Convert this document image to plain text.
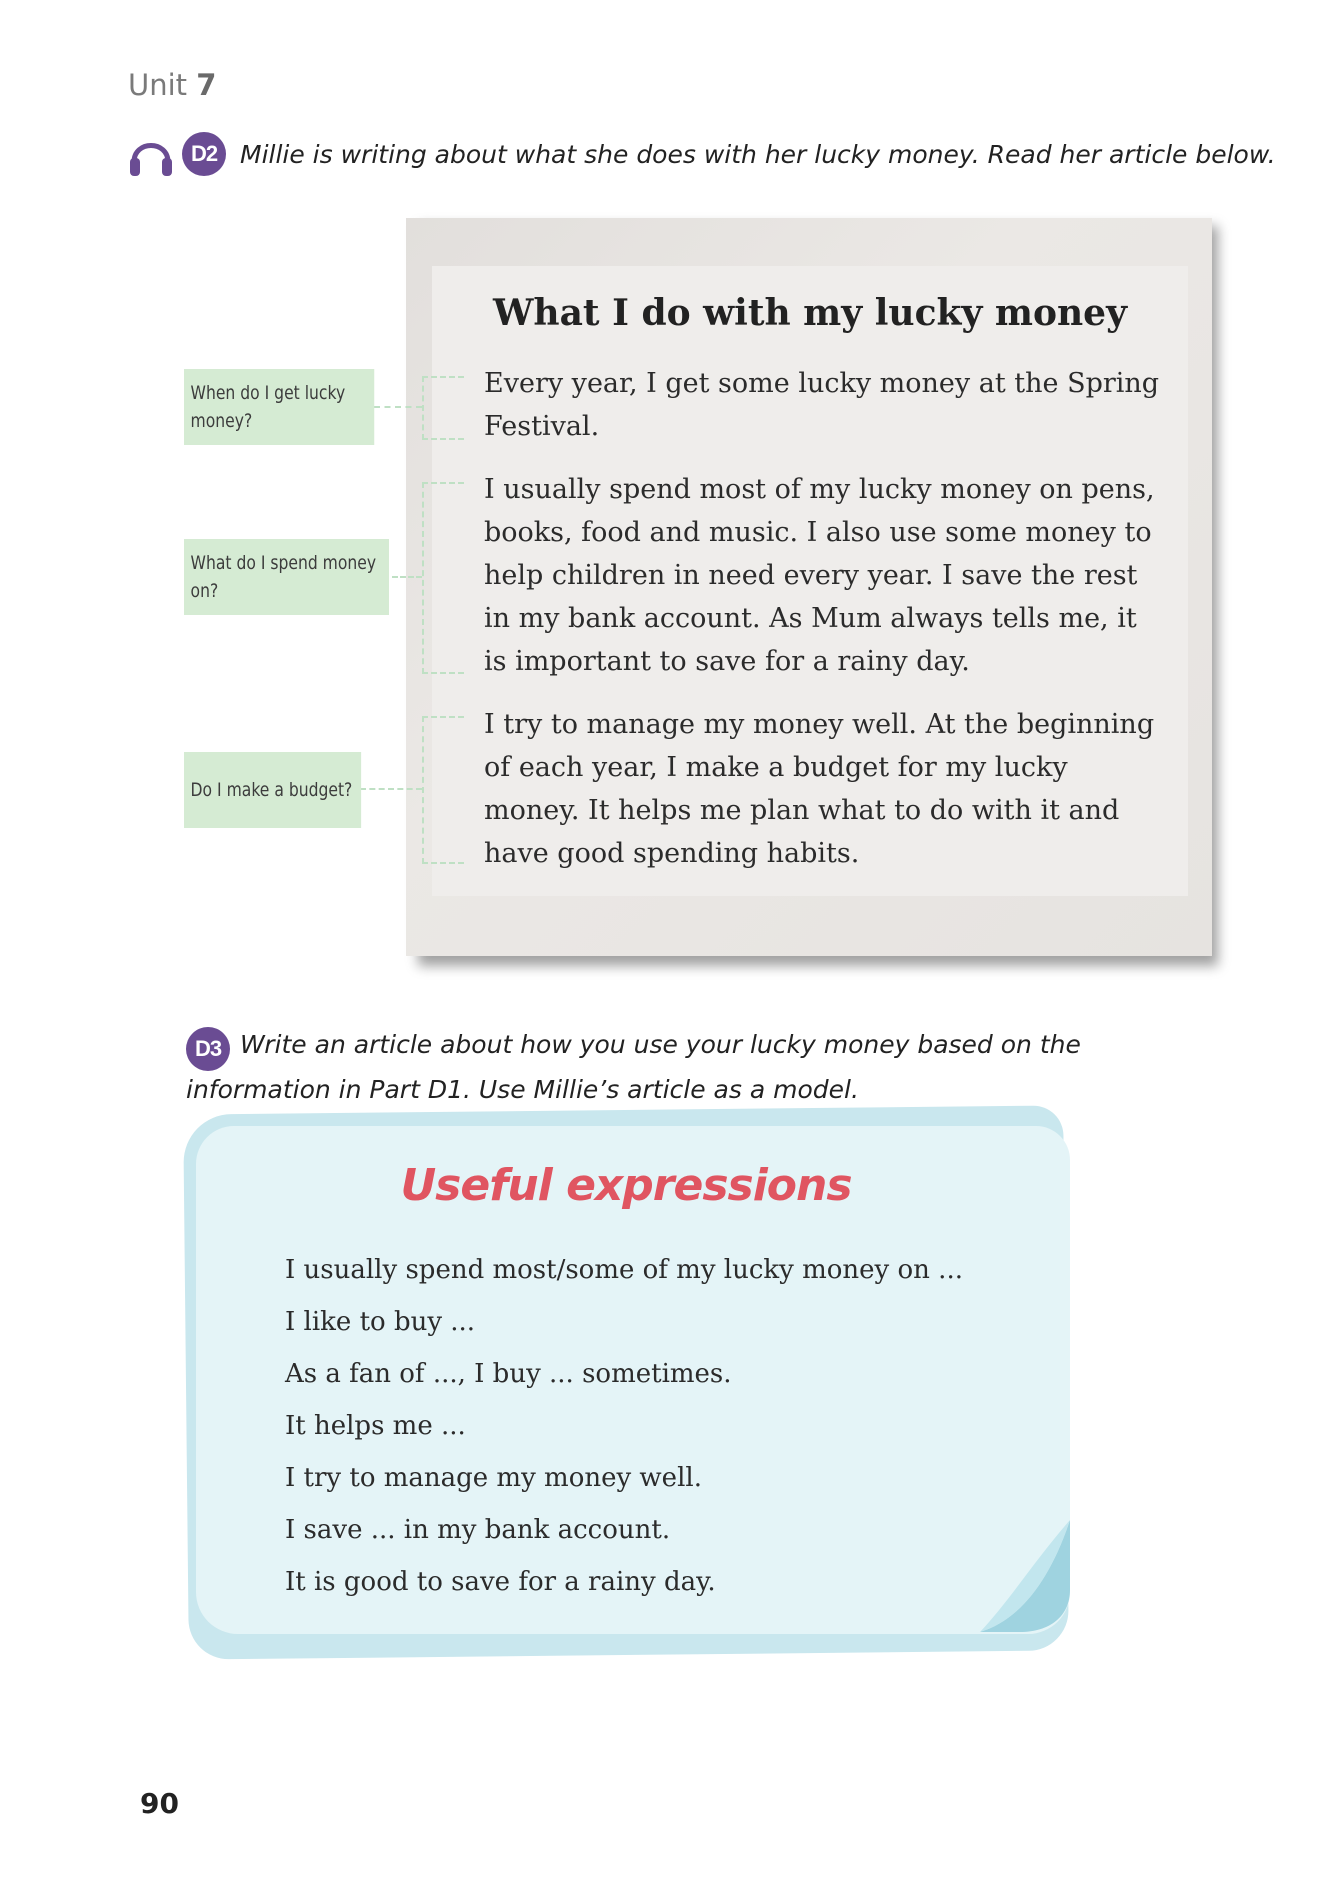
Unit 7
D2 Millie is writing about what she does with her lucky money. Read her article below.
What I do with my lucky money
Every year, I get some lucky money at the Spring Festival.
I usually spend most of my lucky money on pens, books, food and music. I also use some money to help children in need every year. I save the rest in my bank account. As Mum always tells me, it is important to save for a rainy day.
I try to manage my money well. At the beginning of each year, I make a budget for my lucky money. It helps me plan what to do with it and have good spending habits.
When do I get lucky money?
What do I spend money on?
Do I make a budget?
D3 Write an article about how you use your lucky money based on the information in Part D1. Use Millie’s article as a model.
Useful expressions
I usually spend most/some of my lucky money on ...
I like to buy ...
As a fan of ..., I buy ... sometimes.
It helps me ...
I try to manage my money well.
I save ... in my bank account.
It is good to save for a rainy day.
90
